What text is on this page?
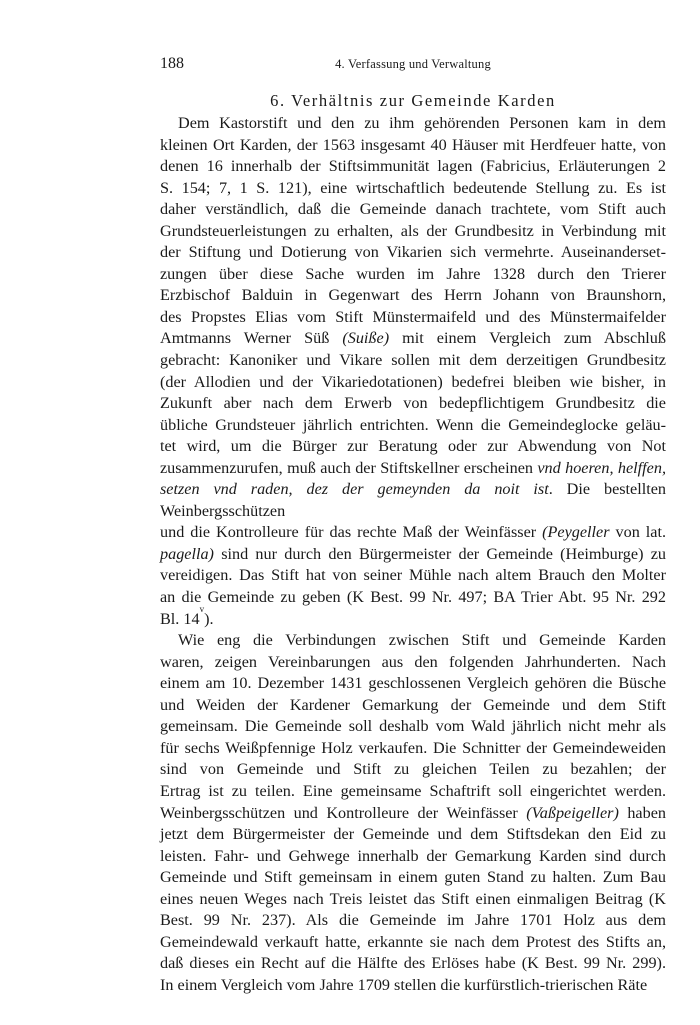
188	4. Verfassung und Verwaltung
6. Verhältnis zur Gemeinde Karden
Dem Kastorstift und den zu ihm gehörenden Personen kam in dem
kleinen Ort Karden, der 1563 insgesamt 40 Häuser mit Herdfeuer hatte, von
denen 16 innerhalb der Stiftsimmunität lagen (Fabricius, Erläuterungen 2
S. 154; 7, 1 S. 121), eine wirtschaftlich bedeutende Stellung zu. Es ist
daher verständlich, daß die Gemeinde danach trachtete, vom Stift auch
Grundsteuerleistungen zu erhalten, als der Grundbesitz in Verbindung mit
der Stiftung und Dotierung von Vikarien sich vermehrte. Auseinanderset-
zungen über diese Sache wurden im Jahre 1328 durch den Trierer
Erzbischof Balduin in Gegenwart des Herrn Johann von Braunshorn,
des Propstes Elias vom Stift Münstermaifeld und des Münstermaifelder
Amtmanns Werner Süß (Suiße) mit einem Vergleich zum Abschluß
gebracht: Kanoniker und Vikare sollen mit dem derzeitigen Grundbesitz
(der Allodien und der Vikariedotationen) bedefrei bleiben wie bisher, in
Zukunft aber nach dem Erwerb von bedepflichtigem Grundbesitz die
übliche Grundsteuer jährlich entrichten. Wenn die Gemeindeglocke geläu-
tet wird, um die Bürger zur Beratung oder zur Abwendung von Not
zusammenzurufen, muß auch der Stiftskellner erscheinen vnd hoeren, helffen,
setzen vnd raden, dez der gemeynden da noit ist. Die bestellten Weinbergsschützen
und die Kontrolleure für das rechte Maß der Weinfässer (Peygeller von lat.
pagella) sind nur durch den Bürgermeister der Gemeinde (Heimburge) zu
vereidigen. Das Stift hat von seiner Mühle nach altem Brauch den Molter
an die Gemeinde zu geben (K Best. 99 Nr. 497; BA Trier Abt. 95 Nr. 292
Bl. 14$^v$).
Wie eng die Verbindungen zwischen Stift und Gemeinde Karden
waren, zeigen Vereinbarungen aus den folgenden Jahrhunderten. Nach
einem am 10. Dezember 1431 geschlossenen Vergleich gehören die Büsche
und Weiden der Kardener Gemarkung der Gemeinde und dem Stift
gemeinsam. Die Gemeinde soll deshalb vom Wald jährlich nicht mehr als
für sechs Weißpfennige Holz verkaufen. Die Schnitter der Gemeindeweiden
sind von Gemeinde und Stift zu gleichen Teilen zu bezahlen; der
Ertrag ist zu teilen. Eine gemeinsame Schaftrift soll eingerichtet werden.
Weinbergsschützen und Kontrolleure der Weinfässer (Vaßpeigeller) haben
jetzt dem Bürgermeister der Gemeinde und dem Stiftsdekan den Eid zu
leisten. Fahr- und Gehwege innerhalb der Gemarkung Karden sind durch
Gemeinde und Stift gemeinsam in einem guten Stand zu halten. Zum Bau
eines neuen Weges nach Treis leistet das Stift einen einmaligen Beitrag (K
Best. 99 Nr. 237). Als die Gemeinde im Jahre 1701 Holz aus dem
Gemeindewald verkauft hatte, erkannte sie nach dem Protest des Stifts an,
daß dieses ein Recht auf die Hälfte des Erlöses habe (K Best. 99 Nr. 299).
In einem Vergleich vom Jahre 1709 stellen die kurfürstlich-trierischen Räte
